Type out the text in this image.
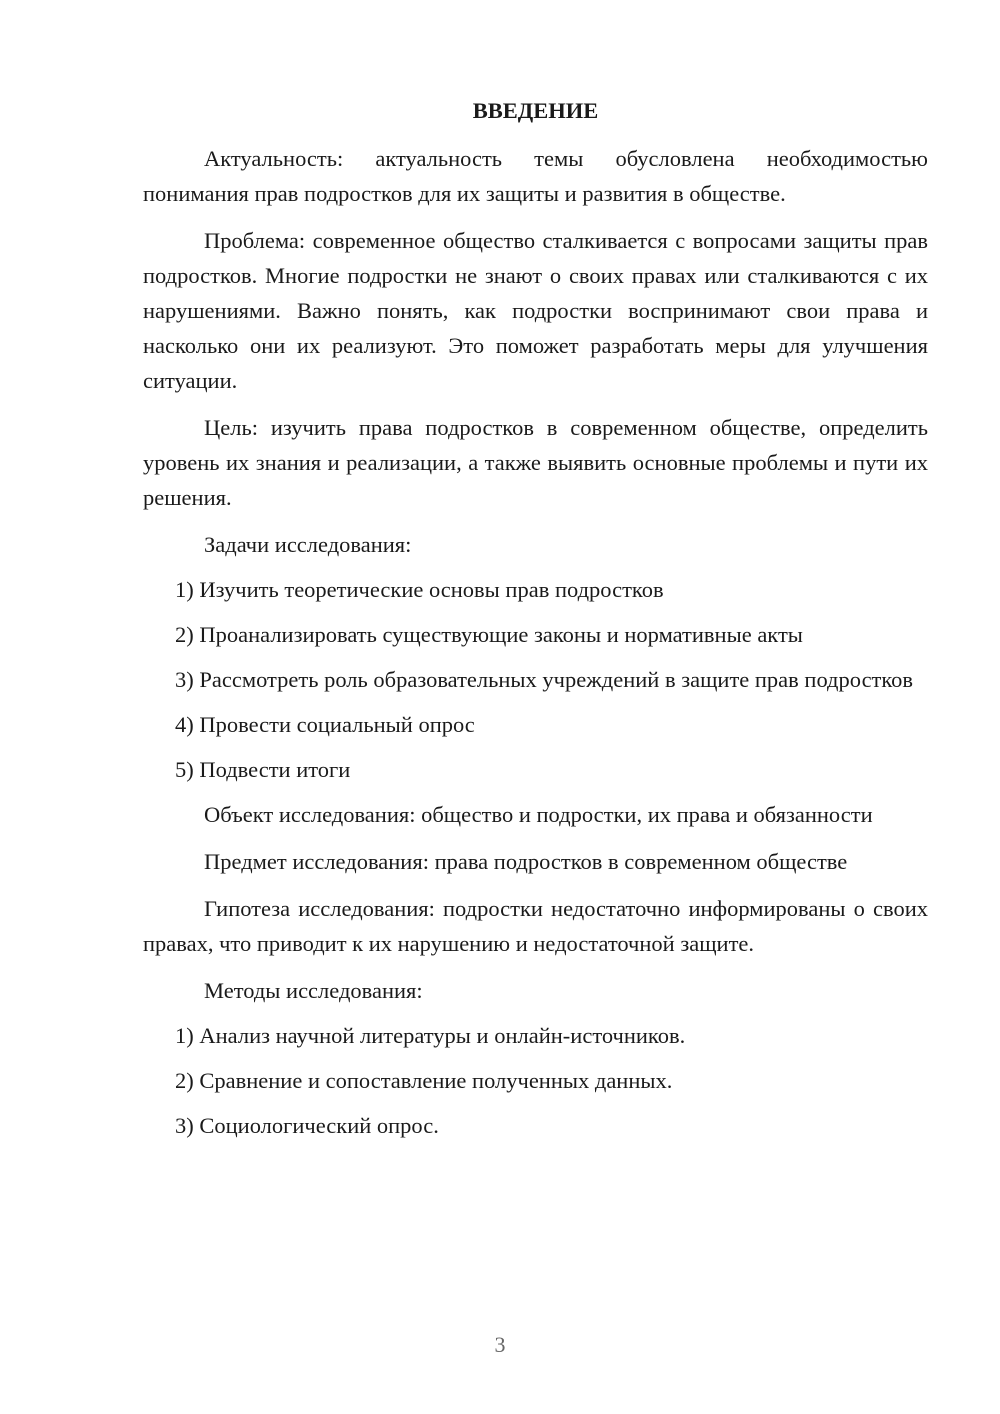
ВВЕДЕНИЕ

Актуальность: актуальность темы обусловлена необходимостью понимания прав подростков для их защиты и развития в обществе.

Проблема: современное общество сталкивается с вопросами защиты прав подростков. Многие подростки не знают о своих правах или сталкиваются с их нарушениями. Важно понять, как подростки воспринимают свои права и насколько они их реализуют. Это поможет разработать меры для улучшения ситуации.

Цель: изучить права подростков в современном обществе, определить уровень их знания и реализации, а также выявить основные проблемы и пути их решения.

Задачи исследования:

1) Изучить теоретические основы прав подростков

2) Проанализировать существующие законы и нормативные акты

3) Рассмотреть роль образовательных учреждений в защите прав подростков

4) Провести социальный опрос

5) Подвести итоги

Объект исследования: общество и подростки, их права и обязанности

Предмет исследования: права подростков в современном обществе

Гипотеза исследования: подростки недостаточно информированы о своих правах, что приводит к их нарушению и недостаточной защите.

Методы исследования:

1) Анализ научной литературы и онлайн-источников.

2) Сравнение и сопоставление полученных данных.

3) Социологический опрос.

3
